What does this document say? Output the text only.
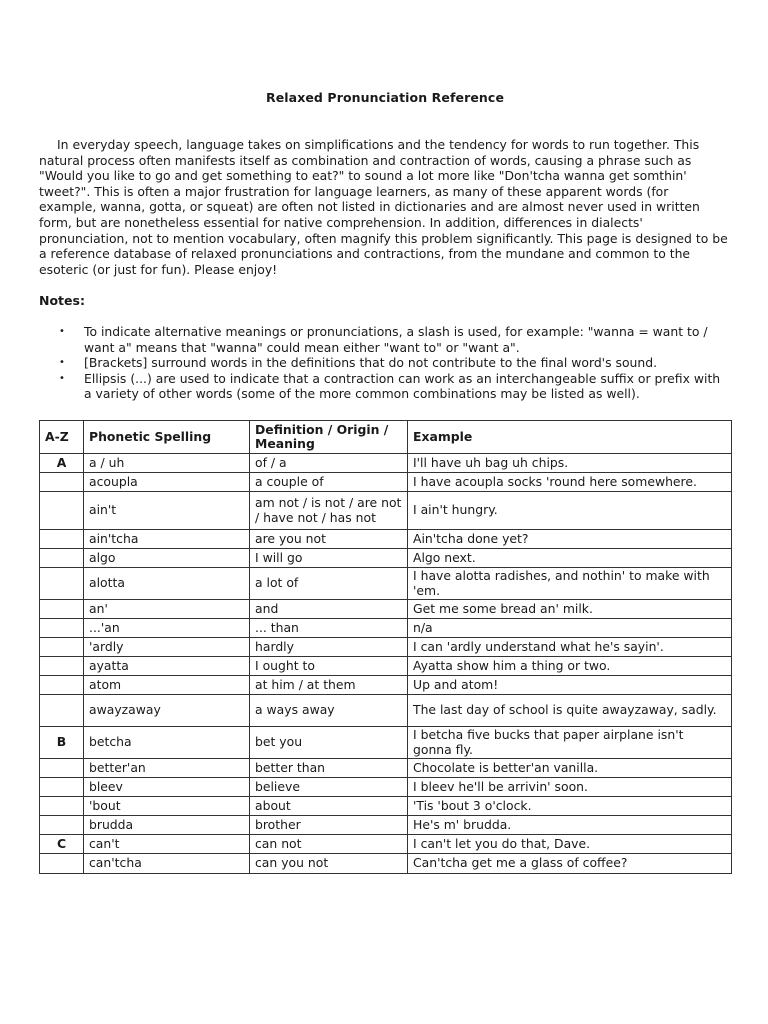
Relaxed Pronunciation Reference

In everyday speech, language takes on simplifications and the tendency for words to run together. This natural process often manifests itself as combination and contraction of words, causing a phrase such as "Would you like to go and get something to eat?" to sound a lot more like "Don'tcha wanna get somthin' tweet?". This is often a major frustration for language learners, as many of these apparent words (for example, wanna, gotta, or squeat) are often not listed in dictionaries and are almost never used in written form, but are nonetheless essential for native comprehension. In addition, differences in dialects' pronunciation, not to mention vocabulary, often magnify this problem significantly. This page is designed to be a reference database of relaxed pronunciations and contractions, from the mundane and common to the esoteric (or just for fun). Please enjoy!

Notes:
• To indicate alternative meanings or pronunciations, a slash is used, for example: "wanna = want to / want a" means that "wanna" could mean either "want to" or "want a".
• [Brackets] surround words in the definitions that do not contribute to the final word's sound.
• Ellipsis (...) are used to indicate that a contraction can work as an interchangeable suffix or prefix with a variety of other words (some of the more common combinations may be listed as well).
A-Z	Phonetic Spelling	Definition / Origin / Meaning	Example
A	a / uh	of / a	I'll have uh bag uh chips.
	acoupla	a couple of	I have acoupla socks 'round here somewhere.
	ain't	am not / is not / are not / have not / has not	I ain't hungry.
	ain'tcha	are you not	Ain'tcha done yet?
	algo	I will go	Algo next.
	alotta	a lot of	I have alotta radishes, and nothin' to make with 'em.
	an'	and	Get me some bread an' milk.
	...'an	... than	n/a
	'ardly	hardly	I can 'ardly understand what he's sayin'.
	ayatta	I ought to	Ayatta show him a thing or two.
	atom	at him / at them	Up and atom!
	awayzaway	a ways away	The last day of school is quite awayzaway, sadly.
B	betcha	bet you	I betcha five bucks that paper airplane isn't gonna fly.
	better'an	better than	Chocolate is better'an vanilla.
	bleev	believe	I bleev he'll be arrivin' soon.
	'bout	about	'Tis 'bout 3 o'clock.
	brudda	brother	He's m' brudda.
C	can't	can not	I can't let you do that, Dave.
	can'tcha	can you not	Can'tcha get me a glass of coffee?
